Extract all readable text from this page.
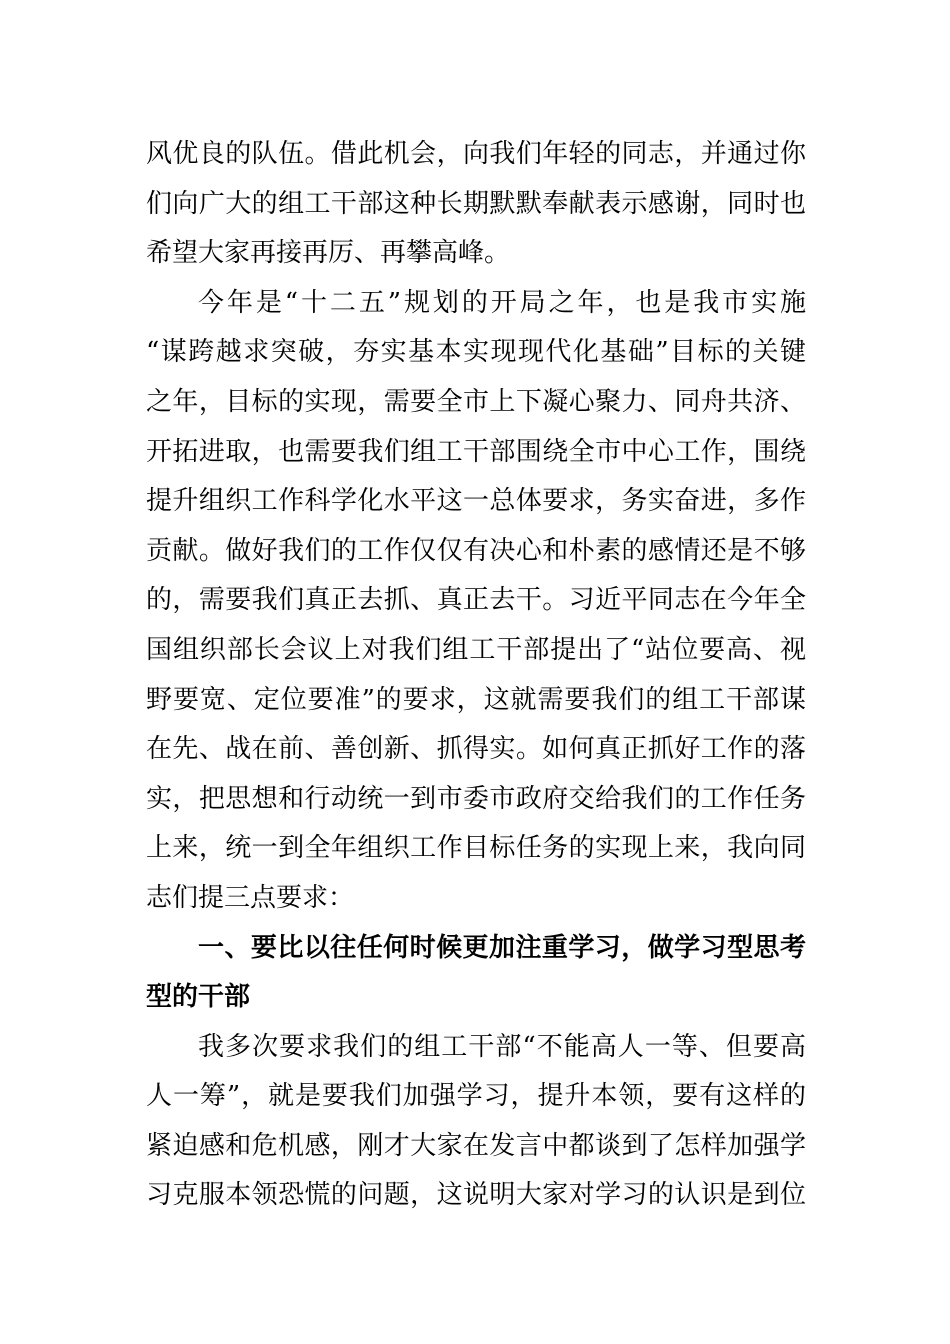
风优良的队伍。借此机会，向我们年轻的同志，并通过你
们向广大的组工干部这种长期默默奉献表示感谢，同时也
希望大家再接再厉、再攀高峰。
今年是“十二五”规划的开局之年，也是我市实施
“谋跨越求突破，夯实基本实现现代化基础”目标的关键
之年，目标的实现，需要全市上下凝心聚力、同舟共济、
开拓进取，也需要我们组工干部围绕全市中心工作，围绕
提升组织工作科学化水平这一总体要求，务实奋进，多作
贡献。做好我们的工作仅仅有决心和朴素的感情还是不够
的，需要我们真正去抓、真正去干。习近平同志在今年全
国组织部长会议上对我们组工干部提出了“站位要高、视
野要宽、定位要准”的要求，这就需要我们的组工干部谋
在先、战在前、善创新、抓得实。如何真正抓好工作的落
实，把思想和行动统一到市委市政府交给我们的工作任务
上来，统一到全年组织工作目标任务的实现上来，我向同
志们提三点要求：
一、要比以往任何时候更加注重学习，做学习型思考
型的干部
我多次要求我们的组工干部“不能高人一等、但要高
人一筹”，就是要我们加强学习，提升本领，要有这样的
紧迫感和危机感，刚才大家在发言中都谈到了怎样加强学
习克服本领恐慌的问题，这说明大家对学习的认识是到位
